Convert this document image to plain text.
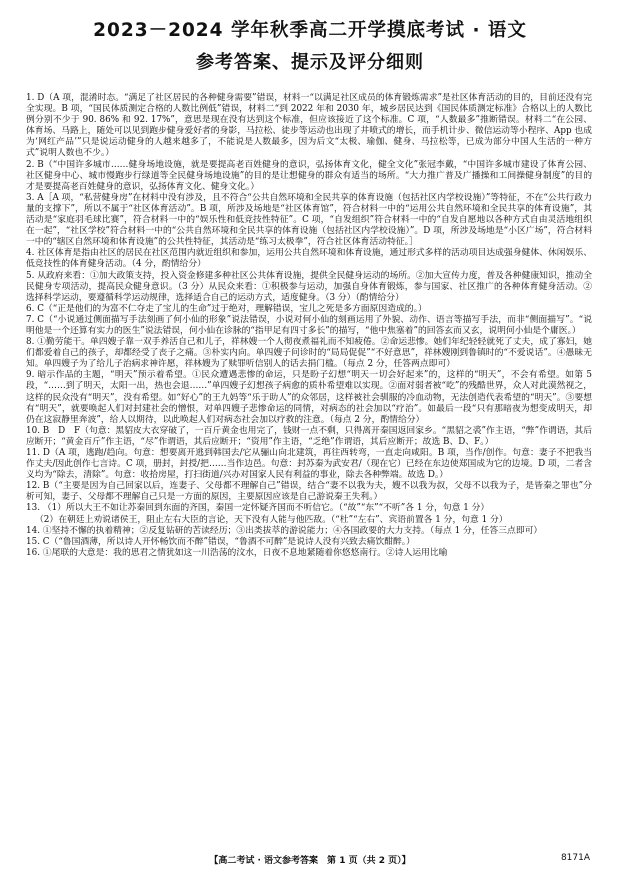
2023－2024 学年秋季高二开学摸底考试 · 语文
参考答案、提示及评分细则

1. D（A 项，混淆时态。“满足了社区居民的各种健身需要”错误，材料一“以满足社区成员的体育锻炼需求”是社区体育活动的目的，目前还没有完全实现。B 项，“国民体质测定合格的人数比例低”错误，材料二“到 2022 年和 2030 年，城乡居民达到《国民体质测定标准》合格以上的人数比例分别不少于 90. 86% 和 92. 17%”，意思是现在没有达到这个标准，但应该接近了这个标准。C 项，“人数最多”推断错误。材料二“在公园、体育场、马路上，随处可以见到跑步健身爱好者的身影，马拉松、徒步等运动也出现了井喷式的增长，而手机计步、微信运动等小程序、App 也成为‘网红产品’”只是说运动健身的人越来越多了，不能说是人数最多，因为后文“太极、瑜伽、健身、马拉松等，已成为部分中国人生活的一种方式”说明人数也不少。）

2. B（“中国许多城市……健身场地设施，就是要提高老百姓健身的意识，弘扬体育文化，健全文化”张冠李戴，“中国许多城市建设了体育公园、社区健身中心、城市慢跑步行绿道等全民健身场地设施”的目的是让想健身的群众有适当的场所。“大力推广普及广播操和工间操健身制度”的目的才是要提高老百姓健身的意识，弘扬体育文化、健身文化。）

3. A［A 项，“私营健身房”在材料中没有涉及，且不符合“公共自然环境和全民共享的体育设施（包括社区内学校设施）”等特征，不在“公共行政力量的支撑下”，所以不属于“社区体育活动”。B 项，所涉及场地是“社区体育馆”，符合材料一中的“运用公共自然环境和全民共享的体育设施”，其活动是“家庭羽毛球比赛”，符合材料一中的“娱乐性和低竞技性特征”。C 项，“自发组织”符合材料一中的“自发自愿地以各种方式自由灵活地组织在一起”，“社区学校”符合材料一中的“公共自然环境和全民共享的体育设施（包括社区内学校设施）”。D 项，所涉及场地是“小区广场”，符合材料一中的“辖区自然环境和体育设施”的公共性特征，其活动是“练习太极拳”，符合社区体育活动特征。］

4. 社区体育是指由社区的居民在社区范围内就近组织和参加，运用公共自然环境和体育设施，通过形式多样的活动项目达成强身健体、休闲娱乐、低竞技性的体育健身活动。（4 分，酌情给分）

5. 从政府来看：①加大政策支持，投入资金修建多种社区公共体育设施，提供全民健身运动的场所。②加大宣传力度，普及各种健康知识，推动全民健身专项活动，提高民众健身意识。（3 分）从民众来看：①积极参与运动，加强自身体育锻炼，参与国家、社区推广的各种体育健身活动。②选择科学运动，要遵循科学运动规律，选择适合自己的运动方式，适度健身。（3 分）（酌情给分）

6. C（“正是他们的为富不仁夺走了宝儿的生命”过于绝对，理解错误，宝儿之死是多方面原因造成的。）

7. C（“小说通过侧面描写手法刻画了何小仙的形象”说法错误，小说对何小仙的刻画运用了外貌、动作、语言等描写手法，而非“侧面描写”。“说明他是一个还算有实力的医生”说法错误，何小仙在诊脉的“指甲足有四寸多长”的描写，“他中焦塞着”的回答玄而又玄，说明何小仙是个庸医。）

8. ①勤劳能干。单四嫂子靠一双手养活自己和儿子，祥林嫂一个人彻夜煮福礼而不知疲倦。②命运悲惨。她们年纪轻轻就死了丈夫，成了寡妇，她们都爱着自己的孩子，却都经受了丧子之痛。③朴实内向。单四嫂子问诊时的“局局促促”“不好意思”，祥林嫂刚到鲁镇时的“不爱说话”。④愚昧无知。单四嫂子为了给儿子治病求神许愿，祥林嫂为了赎罪听信别人的话去捐门槛。（每点 2 分，任答两点即可）

9. 暗示作品的主题，“明天”预示着希望。①民众遭遇悲惨的命运，只是盼子幻想“明天一切会好起来”的，这样的“明天”，不会有希望。如第 5 段，“……到了明天，太阳一出，热也会退……”单四嫂子幻想孩子病愈的质朴希望难以实现。②面对弱者被“吃”的残酷世界，众人对此漠然视之，这样的民众没有“明天”，没有希望。如“好心”的王九妈等“乐于助人”的众邻居，这样被社会驯服的冷血动物，无法创造代表希望的“明天”。③要想有“明天”，就要唤起人们对封建社会的憎恨，对单四嫂子悲惨命运的同情，对病态的社会加以“疗治”。如最后一段“只有那暗夜为想变成明天，却仍在这寂静里奔波”，给人以期待，以此唤起人们对病态社会加以疗救的注意。（每点 2 分，酌情给分）

10. B　D　F（句意：黑貂皮大衣穿破了，一百斤黄金也用完了，钱财一点不剩，只得离开秦国返回家乡。“黑貂之裘”作主语，“弊”作谓语，其后应断开；“黄金百斤”作主语，“尽”作谓语，其后应断开；“资用”作主语，“乏绝”作谓语，其后应断开；故选 B、D、F。）

11. D（A 项，逃跑/趋向。句意：想要离开逃到韩国去/它从骊山向北建筑，再往西转弯，一直走向咸阳。B 项，当作/创作。句意：妻子不把我当作丈夫/因此创作七言诗。C 项，册封，封授/把……当作边邑。句意：封苏秦为武安君/（现在它）已经在东边使郑国成为它的边境。D 项，二者含义均为“除去，清除”。句意：收拾房屋，打扫街道/兴办对国家人民有利益的事业，除去各种弊端。故选 D。）

12. B（“主要是因为自己回家以后，连妻子、父母都不理解自己”错误，结合“妻不以我为夫，嫂不以我为叔，父母不以我为子，是皆秦之罪也”分析可知，妻子、父母都不理解自己只是一方面的原因，主要原因应该是自己游说秦王失利。）

13. （1）所以大王不如让苏秦回到东面的齐国，秦国一定怀疑齐国而不听信它。（“故”“东”“不听”各 1 分，句意 1 分）

（2）在朝廷上劝说诸侯王，阻止左右大臣的言论，天下没有人能与他匹敌。（“杜”“左右”、宾语前置各 1 分，句意 1 分）

14. ①坚持不懈的执着精神；②反复钻研的苦读经历；③出类拔萃的游说能力；④各国政要的大力支持。（每点 1 分，任答三点即可）

15. C（“鲁国酒薄，所以诗人开怀畅饮而不醉”错误，“鲁酒不可醉”是说诗人没有兴致去痛饮酣醉。）

16. ①尾联的大意是：我的思君之情犹如这一川浩荡的汶水，日夜不息地紧随着你悠悠南行。②诗人运用比喻

【高二考试 · 语文参考答案　第 1 页（共 2 页）】	8171A
